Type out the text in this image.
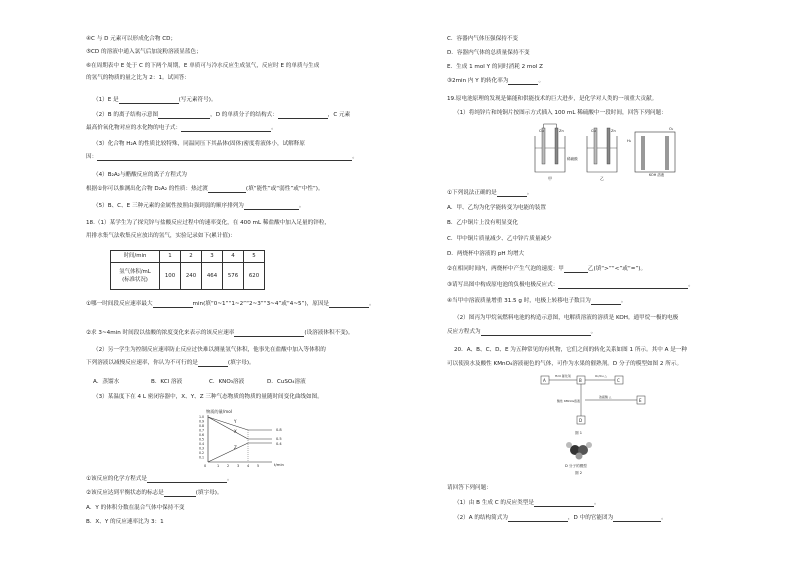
④C 与 D 元素可以形成化合物 CD；
⑤CD 的溶液中通入氯气后加淀粉溶液显蓝色；
⑥在周期表中 E 处于 C 的下两个周期，E 单质可与冷水反应生成氢气，反应时 E 的单质与生成
的氢气的物质的量之比为 2：1。试回答：
（1）E 是	(写元素符号)。
（2）B 的离子结构示意图	，D 的单质分子的结构式：	，C 元素
最高价氧化物对应的水化物的电子式：	。
（3）化合物 H₂A 的性质比较特殊，同温同压下其晶体(固体)密度将液体小，试解释原
因：	。
（4）B₂A₂与醋酸反应的离子方程式为
根据①你可以推测出化合物 D₂A₂ 的性质：热过渡	(填“能性”或“弱性”或“中性”)。
（5）B、C、E 三种元素的金属性按照由强到弱的顺序排列为	。
18.（1）某学生为了探究锌与盐酸反应过程中的速率变化，在 400 mL 稀盐酸中加入足量的锌粒，
用排水集气法收集反应放出的氢气，实验记录如下(累计值)：
时间/min	1	2	3	4	5
氢气体积/mL
(标准状况)	100	240	464	576	620
①哪一时间段反应速率最大	min(填“0~1”“1~2”“2~3”“3~4”或“4~5”)，原因是	。
②求 3~4min 时间段以盐酸的浓度变化来表示的该反应速率	(设溶液体积不变)。
（2）另一学生为控制反应速率防止反应过快难以测量氢气体积，他事先在盐酸中加入等体积的
下列溶液以减慢反应速率，你认为不可行的是	(填字母)。
A．蒸馏水	B．KCl 溶液	C．KNO₃溶液	D．CuSO₄溶液
（3）某温度下在 4 L 密闭容器中，X、Y、Z 三种气态物质的物质的量随时间变化曲线如图。
物质的量/mol
1.0
0.9
0.8
0.7
0.6
0.5
0.4
0.3
0.2
0.1
1 2 3 4 5
0	t/min
Y
X
Z
0.8
0.5
0.4
①该反应的化学方程式是	。
②该反应达到平衡状态的标志是	(填字母)。
A．Y 的体积分数在混合气体中保持不变
B．X、Y 的反应速率比为 3：1
C．容器内气体压强保持不变
D．容器内气体的总质量保持不变
E．生成 1 mol Y 的同时消耗 2 mol Z
③2min 内 Y 的转化率为	。
19.原电池原理的发现是储能和供能技术的巨大进步，是化学对人类的一项重大贡献。
（1）将纯锌片和纯铜片按图示方式插入 100 mL 稀硫酸中一段时间，回答下列问题：
Cu	Zn
甲
稀硫酸
Cu	Zn
乙
H₂
O₂
KOH 溶液
①下列说法正确的是	。
A．甲、乙均为化学能转变为电能的装置
B．乙中铜片上没有明显变化
C．甲中铜片质量减少、乙中锌片质量减少
D．两烧杯中溶液的 pH 均增大
②在相同时间内，两烧杯中产生气泡的速度：甲	乙(填“>”“<”或“=”)。
③请写出图中构成原电池的负极电极反应式：	。
④当甲中溶液质量增重 31.5 g 时，电极上转移电子数目为	。
（2）图丙为甲烷氧燃料电池的构造示意图，电解质溶液的溶质是 KOH。通甲烷一极的电极
反应方程式为	。
20．A、B、C、D、E 为五种常见的有机物，它们之间的转化关系如图 1 所示。其中 A 是一种
可以使溴水及酸性 KMnO₄溶液褪色的气体，可作为水果的催熟剂。D 分子的模型如图 2 所示。
A
H₂O 催化剂
B
O₂/Cu △
C
酸性 KMnO₄溶液
D
浓硫酸 △
E
图 1
D 分子的模型
图 2
请回答下列问题：
（1）由 B 生成 C 的反应类型是	。
（2）A 的结构简式为	，D 中的官能团为	。
